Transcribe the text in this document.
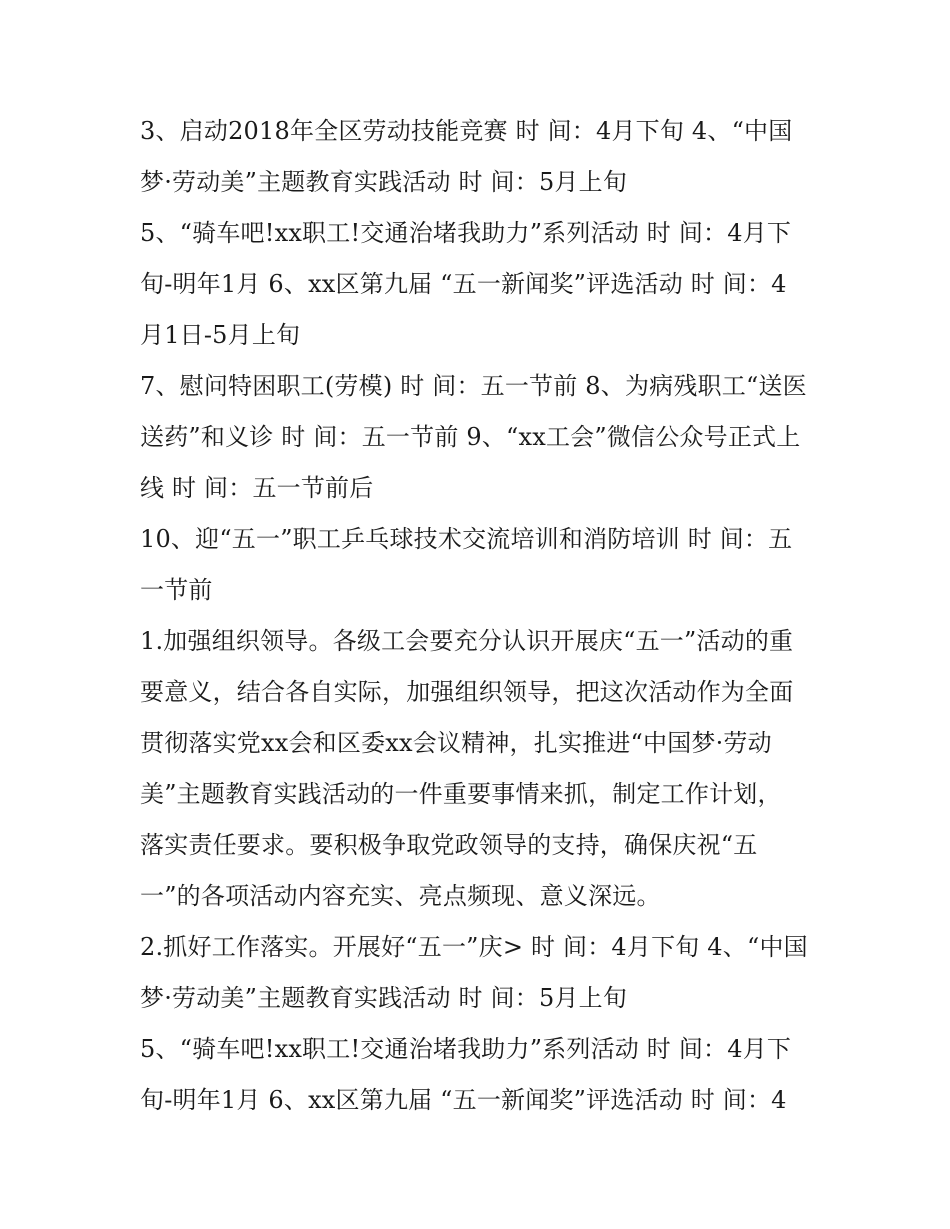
3、启动2018年全区劳动技能竞赛 时 间：4月下旬 4、“中国
梦·劳动美”主题教育实践活动 时 间：5月上旬
5、“骑车吧!xx职工!交通治堵我助力”系列活动 时 间：4月下
旬-明年1月 6、xx区第九届 “五一新闻奖”评选活动 时 间：4
月1日-5月上旬
7、慰问特困职工(劳模) 时 间：五一节前 8、为病残职工“送医
送药”和义诊 时 间：五一节前 9、“xx工会”微信公众号正式上
线 时 间：五一节前后
10、迎“五一”职工乒乓球技术交流培训和消防培训 时 间：五
一节前
1.加强组织领导。各级工会要充分认识开展庆“五一”活动的重
要意义，结合各自实际，加强组织领导，把这次活动作为全面
贯彻落实党xx会和区委xx会议精神，扎实推进“中国梦·劳动
美”主题教育实践活动的一件重要事情来抓，制定工作计划，
落实责任要求。要积极争取党政领导的支持，确保庆祝“五
一”的各项活动内容充实、亮点频现、意义深远。
2.抓好工作落实。开展好“五一”庆> 时 间：4月下旬 4、“中国
梦·劳动美”主题教育实践活动 时 间：5月上旬
5、“骑车吧!xx职工!交通治堵我助力”系列活动 时 间：4月下
旬-明年1月 6、xx区第九届 “五一新闻奖”评选活动 时 间：4
